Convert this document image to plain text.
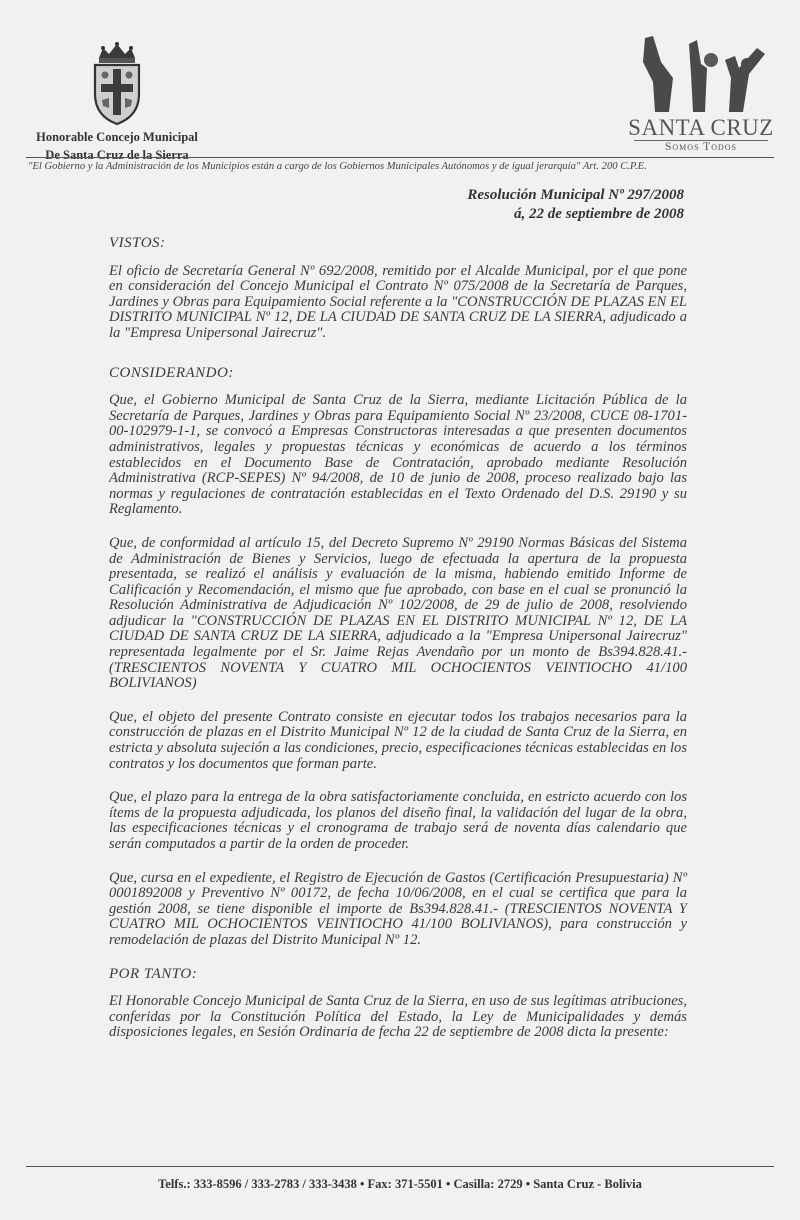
Honorable Concejo Municipal
De Santa Cruz de la Sierra
SANTA CRUZ
Somos Todos
"El Gobierno y la Administración de los Municipios están a cargo de los Gobiernos Municipales Autónomos y de igual jerarquía" Art. 200 C.P.E.
Resolución Municipal Nº 297/2008
á, 22 de septiembre de 2008
VISTOS:

El oficio de Secretaría General Nº 692/2008, remitido por el Alcalde Municipal, por el que pone en consideración del Concejo Municipal el Contrato Nº 075/2008 de la Secretaría de Parques, Jardines y Obras para Equipamiento Social referente a la "CONSTRUCCIÓN DE PLAZAS EN EL DISTRITO MUNICIPAL Nº 12, DE LA CIUDAD DE SANTA CRUZ DE LA SIERRA, adjudicado a la "Empresa Unipersonal Jairecruz".

CONSIDERANDO:

Que, el Gobierno Municipal de Santa Cruz de la Sierra, mediante Licitación Pública de la Secretaría de Parques, Jardines y Obras para Equipamiento Social Nº 23/2008, CUCE 08-1701-00-102979-1-1, se convocó a Empresas Constructoras interesadas a que presenten documentos administrativos, legales y propuestas técnicas y económicas de acuerdo a los términos establecidos en el Documento Base de Contratación, aprobado mediante Resolución Administrativa (RCP-SEPES) Nº 94/2008, de 10 de junio de 2008, proceso realizado bajo las normas y regulaciones de contratación establecidas en el Texto Ordenado del D.S. 29190 y su Reglamento.

Que, de conformidad al artículo 15, del Decreto Supremo Nº 29190 Normas Básicas del Sistema de Administración de Bienes y Servicios, luego de efectuada la apertura de la propuesta presentada, se realizó el análisis y evaluación de la misma, habiendo emitido Informe de Calificación y Recomendación, el mismo que fue aprobado, con base en el cual se pronunció la Resolución Administrativa de Adjudicación Nº 102/2008, de 29 de julio de 2008, resolviendo adjudicar la "CONSTRUCCIÓN DE PLAZAS EN EL DISTRITO MUNICIPAL Nº 12, DE LA CIUDAD DE SANTA CRUZ DE LA SIERRA, adjudicado a la "Empresa Unipersonal Jairecruz" representada legalmente por el Sr. Jaime Rejas Avendaño por un monto de Bs394.828.41.- (TRESCIENTOS NOVENTA Y CUATRO MIL OCHOCIENTOS VEINTIOCHO 41/100 BOLIVIANOS)

Que, el objeto del presente Contrato consiste en ejecutar todos los trabajos necesarios para la construcción de plazas en el Distrito Municipal Nº 12 de la ciudad de Santa Cruz de la Sierra, en estricta y absoluta sujeción a las condiciones, precio, especificaciones técnicas establecidas en los contratos y los documentos que forman parte.

Que, el plazo para la entrega de la obra satisfactoriamente concluida, en estricto acuerdo con los ítems de la propuesta adjudicada, los planos del diseño final, la validación del lugar de la obra, las especificaciones técnicas y el cronograma de trabajo será de noventa días calendario que serán computados a partir de la orden de proceder.

Que, cursa en el expediente, el Registro de Ejecución de Gastos (Certificación Presupuestaria) Nº 0001892008 y Preventivo Nº 00172, de fecha 10/06/2008, en el cual se certifica que para la gestión 2008, se tiene disponible el importe de Bs394.828.41.- (TRESCIENTOS NOVENTA Y CUATRO MIL OCHOCIENTOS VEINTIOCHO 41/100 BOLIVIANOS), para construcción y remodelación de plazas del Distrito Municipal Nº 12.

POR TANTO:

El Honorable Concejo Municipal de Santa Cruz de la Sierra, en uso de sus legítimas atribuciones, conferidas por la Constitución Política del Estado, la Ley de Municipalidades y demás disposiciones legales, en Sesión Ordinaria de fecha 22 de septiembre de 2008 dicta la presente:

Telfs.: 333-8596 / 333-2783 / 333-3438 • Fax: 371-5501 • Casilla: 2729 • Santa Cruz - Bolivia
